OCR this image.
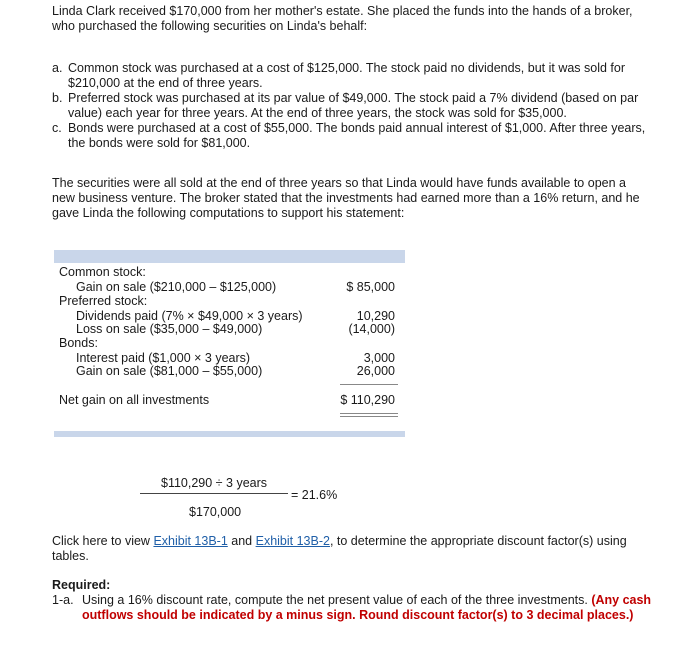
Linda Clark received $170,000 from her mother's estate. She placed the funds into the hands of a broker, who purchased the following securities on Linda's behalf:

a. Common stock was purchased at a cost of $125,000. The stock paid no dividends, but it was sold for $210,000 at the end of three years.
b. Preferred stock was purchased at its par value of $49,000. The stock paid a 7% dividend (based on par value) each year for three years. At the end of three years, the stock was sold for $35,000.
c. Bonds were purchased at a cost of $55,000. The bonds paid annual interest of $1,000. After three years, the bonds were sold for $81,000.

The securities were all sold at the end of three years so that Linda would have funds available to open a new business venture. The broker stated that the investments had earned more than a 16% return, and he gave Linda the following computations to support his statement:

Common stock:
Gain on sale ($210,000 – $125,000)	$ 85,000
Preferred stock:
Dividends paid (7% × $49,000 × 3 years)	10,290
Loss on sale ($35,000 – $49,000)	(14,000)
Bonds:
Interest paid ($1,000 × 3 years)	3,000
Gain on sale ($81,000 – $55,000)	26,000
Net gain on all investments	$ 110,290
$110,290 ÷ 3 years
= 21.6%
$170,000

Click here to view Exhibit 13B-1 and Exhibit 13B-2, to determine the appropriate discount factor(s) using tables.

Required:
1-a. Using a 16% discount rate, compute the net present value of each of the three investments. (Any cash outflows should be indicated by a minus sign. Round discount factor(s) to 3 decimal places.)
